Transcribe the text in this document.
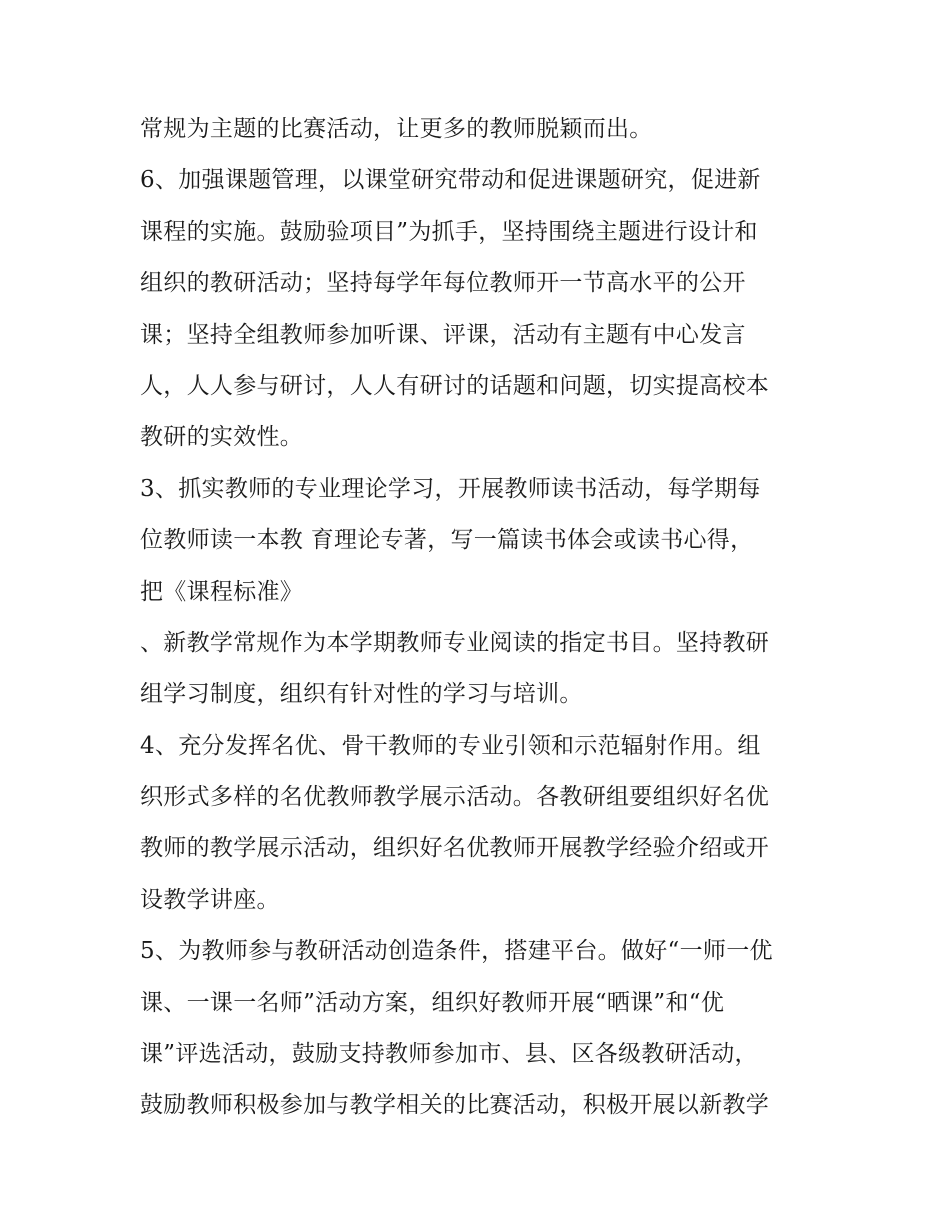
常规为主题的比赛活动，让更多的教师脱颖而出。
6、加强课题管理，以课堂研究带动和促进课题研究，促进新
课程的实施。鼓励验项目”为抓手，坚持围绕主题进行设计和
组织的教研活动；坚持每学年每位教师开一节高水平的公开
课；坚持全组教师参加听课、评课，活动有主题有中心发言
人，人人参与研讨，人人有研讨的话题和问题，切实提高校本
教研的实效性。
3、抓实教师的专业理论学习，开展教师读书活动，每学期每
位教师读一本教 育理论专著，写一篇读书体会或读书心得，
把《课程标准》
、新教学常规作为本学期教师专业阅读的指定书目。坚持教研
组学习制度，组织有针对性的学习与培训。
4、充分发挥名优、骨干教师的专业引领和示范辐射作用。组
织形式多样的名优教师教学展示活动。各教研组要组织好名优
教师的教学展示活动，组织好名优教师开展教学经验介绍或开
设教学讲座。
5、为教师参与教研活动创造条件，搭建平台。做好“一师一优
课、一课一名师”活动方案，组织好教师开展“晒课”和“优
课”评选活动，鼓励支持教师参加市、县、区各级教研活动，
鼓励教师积极参加与教学相关的比赛活动，积极开展以新教学
